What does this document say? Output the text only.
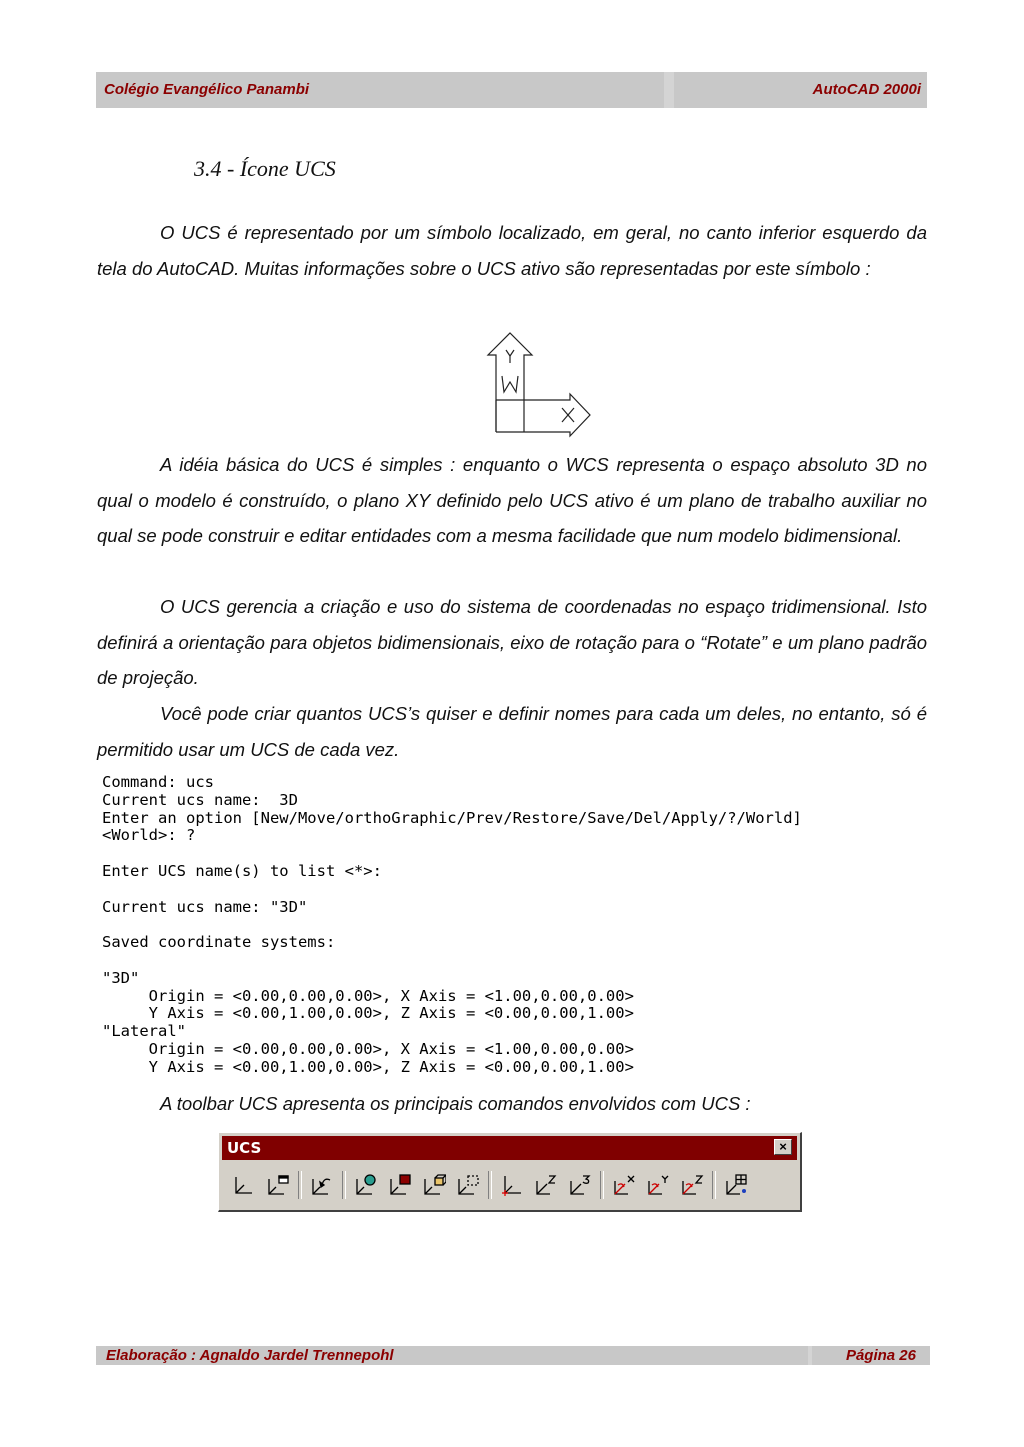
Colégio Evangélico Panambi	AutoCAD 2000i
3.4 - Ícone UCS

O UCS é representado por um símbolo localizado, em geral, no canto inferior esquerdo da tela do AutoCAD. Muitas informações sobre o UCS ativo são representadas por este símbolo :

A idéia básica do UCS é simples : enquanto o WCS representa o espaço absoluto 3D no qual o modelo é construído, o plano XY definido pelo UCS ativo é um plano de trabalho auxiliar no qual se pode construir e editar entidades com a mesma facilidade que num modelo bidimensional.

O UCS gerencia a criação e uso do sistema de coordenadas no espaço tridimensional. Isto definirá a orientação para objetos bidimensionais, eixo de rotação para o “Rotate” e um plano padrão de projeção.

Você pode criar quantos UCS’s quiser e definir nomes para cada um deles, no entanto, só é permitido usar um UCS de cada vez.

Command: ucs
Current ucs name:  3D
Enter an option [New/Move/orthoGraphic/Prev/Restore/Save/Del/Apply/?/World]
<World>: ?

Enter UCS name(s) to list <*>:

Current ucs name: "3D"

Saved coordinate systems:

"3D"
Origin = <0.00,0.00,0.00>, X Axis = <1.00,0.00,0.00>
Y Axis = <0.00,1.00,0.00>, Z Axis = <0.00,0.00,1.00>
"Lateral"
Origin = <0.00,0.00,0.00>, X Axis = <1.00,0.00,0.00>
Y Axis = <0.00,1.00,0.00>, Z Axis = <0.00,0.00,1.00>
A toolbar UCS apresenta os principais comandos envolvidos com UCS :
UCS	×
Elaboração : Agnaldo Jardel Trennepohl	Página 26
